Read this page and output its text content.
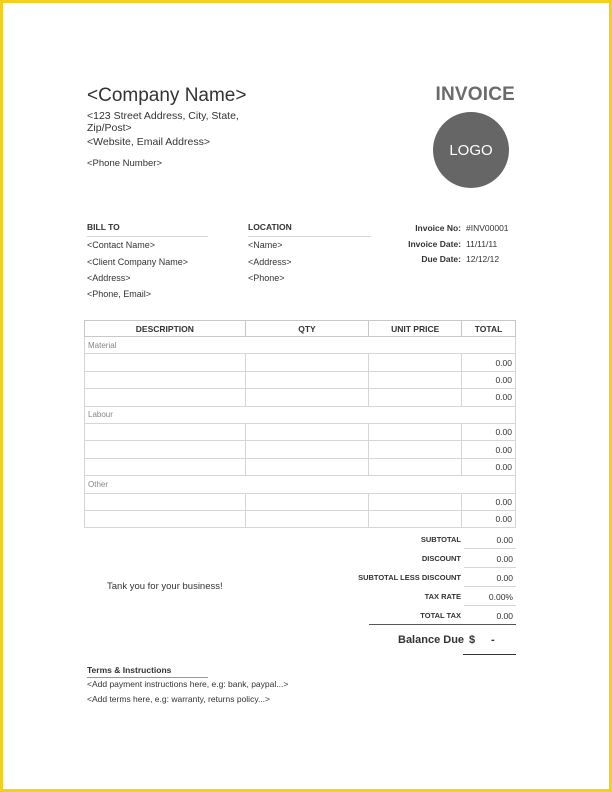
<Company Name>
<123 Street Address, City, State,
Zip/Post>
<Website, Email Address>
<Phone Number>
INVOICE
LOGO
BILL TO
<Contact Name>
<Client Company Name>
<Address>
<Phone, Email>
LOCATION
<Name>
<Address>
<Phone>
Invoice No: #INV00001
Invoice Date: 11/11/11
Due Date: 12/12/12
DESCRIPTION	QTY	UNIT PRICE	TOTAL
Material			
			0.00
			0.00
			0.00
Labour			
			0.00
			0.00
			0.00
Other			
			0.00
			0.00
SUBTOTAL	0.00
DISCOUNT	0.00
SUBTOTAL LESS DISCOUNT	0.00
TAX RATE	0.00%
TOTAL TAX	0.00
Tank you for your business!
Balance Due $ -
Terms & Instructions
<Add payment instructions here, e.g: bank, paypal...>
<Add terms here, e.g: warranty, returns policy...>
